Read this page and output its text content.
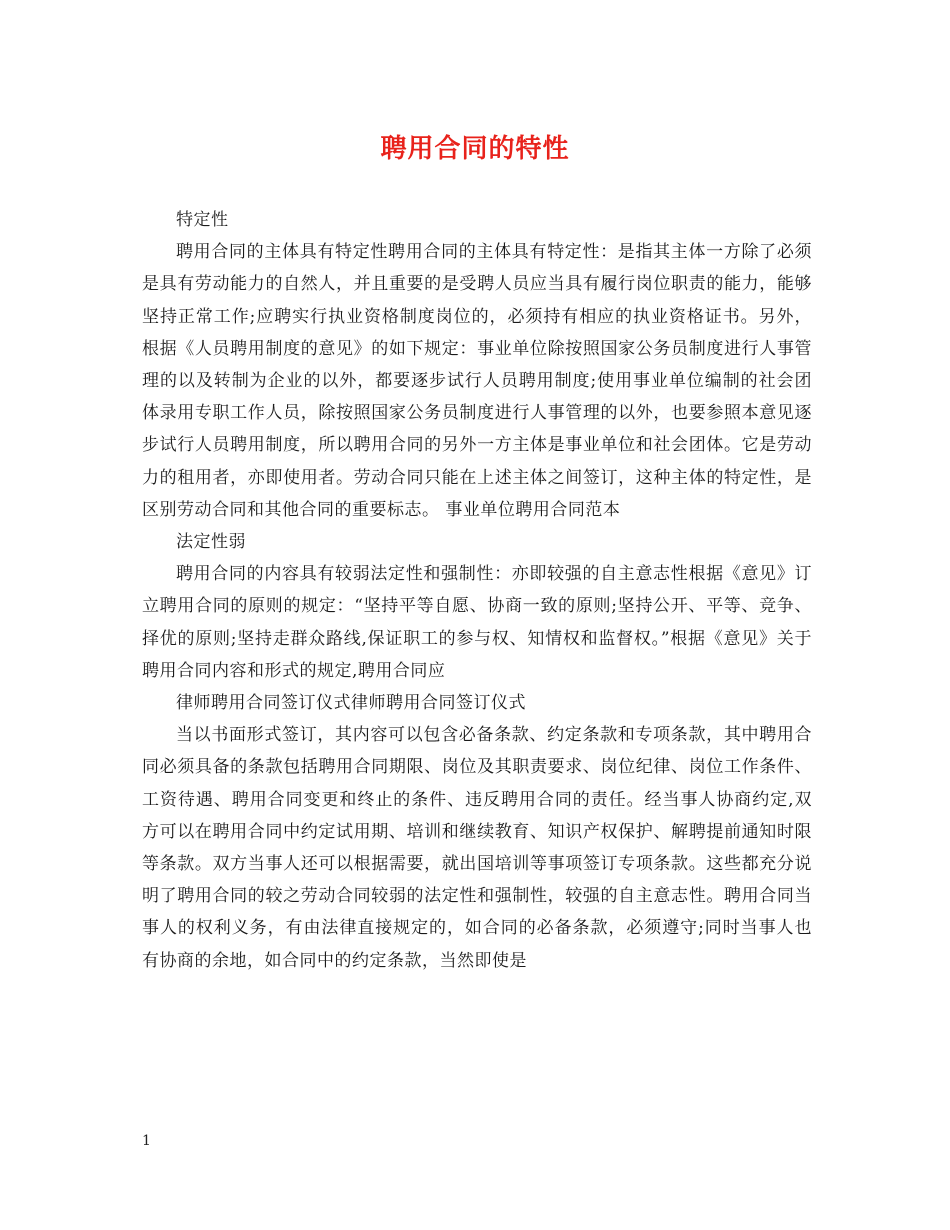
聘用合同的特性

特定性

聘用合同的主体具有特定性聘用合同的主体具有特定性：是指其主体一方除了必须是具有劳动能力的自然人，并且重要的是受聘人员应当具有履行岗位职责的能力，能够坚持正常工作;应聘实行执业资格制度岗位的，必须持有相应的执业资格证书。另外，根据《人员聘用制度的意见》的如下规定：事业单位除按照国家公务员制度进行人事管理的以及转制为企业的以外，都要逐步试行人员聘用制度;使用事业单位编制的社会团体录用专职工作人员，除按照国家公务员制度进行人事管理的以外，也要参照本意见逐步试行人员聘用制度，所以聘用合同的另外一方主体是事业单位和社会团体。它是劳动力的租用者，亦即使用者。劳动合同只能在上述主体之间签订，这种主体的特定性，是区别劳动合同和其他合同的重要标志。 事业单位聘用合同范本

法定性弱

聘用合同的内容具有较弱法定性和强制性：亦即较强的自主意志性根据《意见》订立聘用合同的原则的规定：“坚持平等自愿、协商一致的原则;坚持公开、平等、竞争、择优的原则;坚持走群众路线,保证职工的参与权、知情权和监督权。”根据《意见》关于聘用合同内容和形式的规定,聘用合同应

律师聘用合同签订仪式律师聘用合同签订仪式

当以书面形式签订，其内容可以包含必备条款、约定条款和专项条款，其中聘用合同必须具备的条款包括聘用合同期限、岗位及其职责要求、岗位纪律、岗位工作条件、工资待遇、聘用合同变更和终止的条件、违反聘用合同的责任。经当事人协商约定,双方可以在聘用合同中约定试用期、培训和继续教育、知识产权保护、解聘提前通知时限等条款。双方当事人还可以根据需要，就出国培训等事项签订专项条款。这些都充分说明了聘用合同的较之劳动合同较弱的法定性和强制性，较强的自主意志性。聘用合同当事人的权利义务，有由法律直接规定的，如合同的必备条款，必须遵守;同时当事人也有协商的余地，如合同中的约定条款，当然即使是

1
